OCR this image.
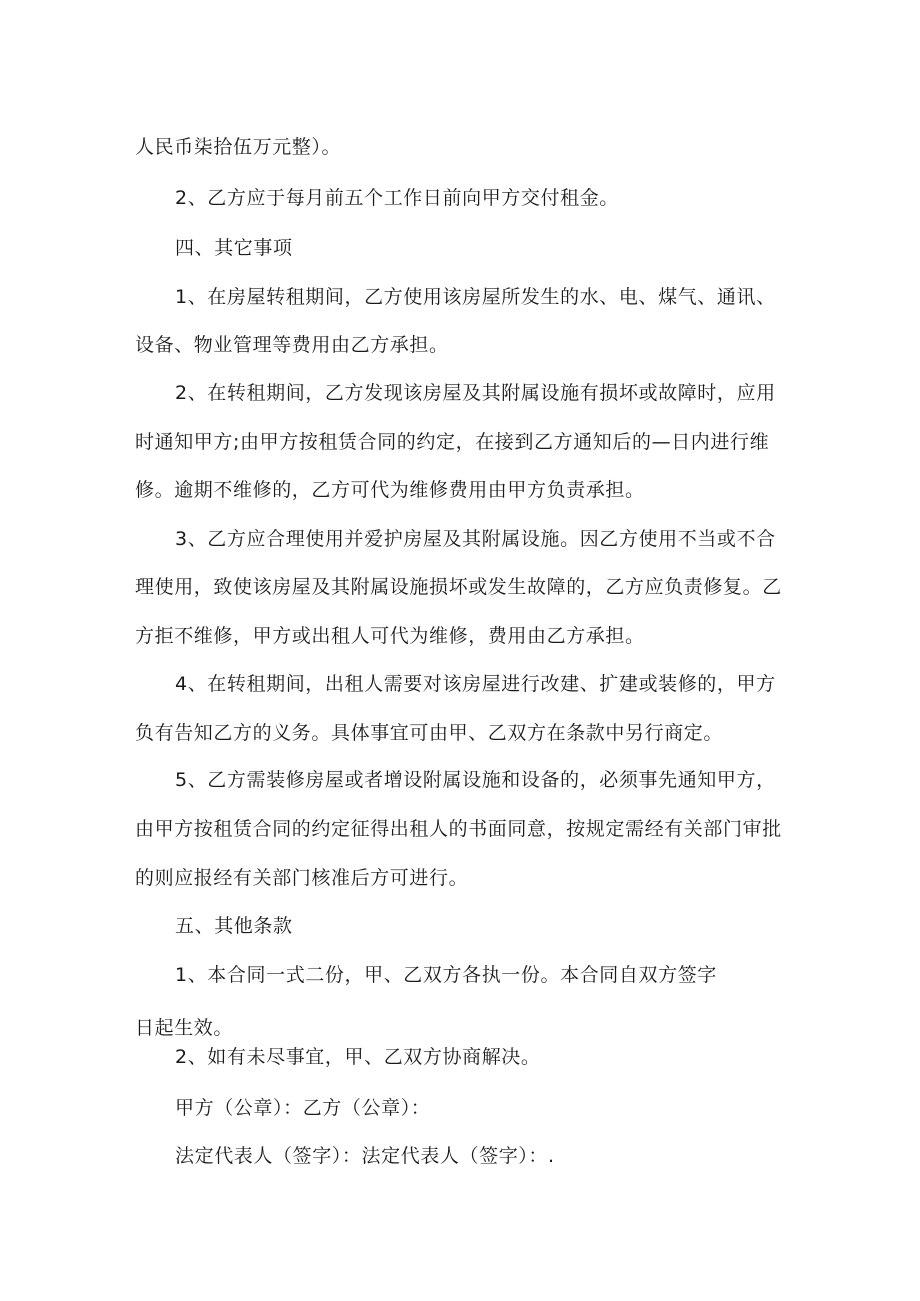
人民币柒拾伍万元整）。
2、乙方应于每月前五个工作日前向甲方交付租金。
四、其它事项
1、在房屋转租期间，乙方使用该房屋所发生的水、电、煤气、通讯、
设备、物业管理等费用由乙方承担。
2、在转租期间，乙方发现该房屋及其附属设施有损坏或故障时，应用
时通知甲方;由甲方按租赁合同的约定，在接到乙方通知后的—日内进行维
修。逾期不维修的，乙方可代为维修费用由甲方负责承担。
3、乙方应合理使用并爱护房屋及其附属设施。因乙方使用不当或不合
理使用，致使该房屋及其附属设施损坏或发生故障的，乙方应负责修复。乙
方拒不维修，甲方或出租人可代为维修，费用由乙方承担。
4、在转租期间，出租人需要对该房屋进行改建、扩建或装修的，甲方
负有告知乙方的义务。具体事宜可由甲、乙双方在条款中另行商定。
5、乙方需装修房屋或者增设附属设施和设备的，必须事先通知甲方，
由甲方按租赁合同的约定征得出租人的书面同意，按规定需经有关部门审批
的则应报经有关部门核准后方可进行。
五、其他条款
1、本合同一式二份，甲、乙双方各执一份。本合同自双方签字
日起生效。
2、如有未尽事宜，甲、乙双方协商解决。
甲方（公章）：乙方（公章）：
法定代表人（签字）：法定代表人（签字）：.
